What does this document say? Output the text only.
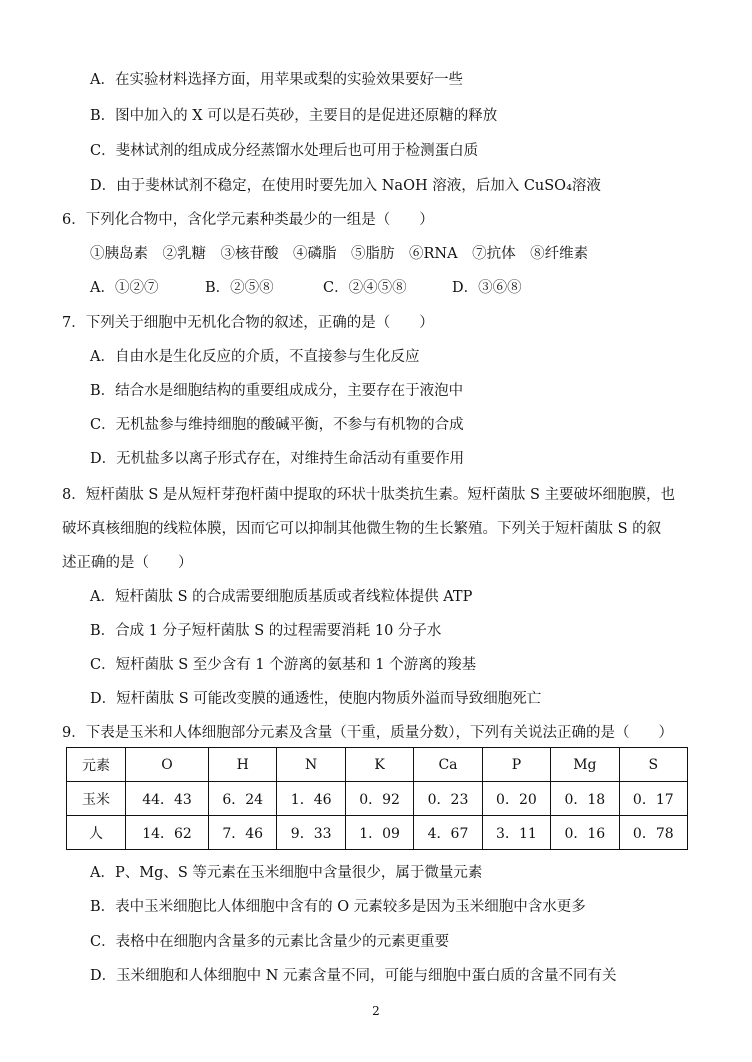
A．在实验材料选择方面，用苹果或梨的实验效果要好一些
B．图中加入的 X 可以是石英砂，主要目的是促进还原糖的释放
C．斐林试剂的组成成分经蒸馏水处理后也可用于检测蛋白质
D．由于斐林试剂不稳定，在使用时要先加入 NaOH 溶液，后加入 CuSO₄溶液
6．下列化合物中，含化学元素种类最少的一组是（　　）
①胰岛素　②乳糖　③核苷酸　④磷脂　⑤脂肪　⑥RNA　⑦抗体　⑧纤维素
A．①②⑦	B．②⑤⑧	C．②④⑤⑧	D．③⑥⑧
7．下列关于细胞中无机化合物的叙述，正确的是（　　）
A．自由水是生化反应的介质，不直接参与生化反应
B．结合水是细胞结构的重要组成成分，主要存在于液泡中
C．无机盐参与维持细胞的酸碱平衡，不参与有机物的合成
D．无机盐多以离子形式存在，对维持生命活动有重要作用
8．短杆菌肽 S 是从短杆芽孢杆菌中提取的环状十肽类抗生素。短杆菌肽 S 主要破坏细胞膜，也
破坏真核细胞的线粒体膜，因而它可以抑制其他微生物的生长繁殖。下列关于短杆菌肽 S 的叙
述正确的是（　　）
A．短杆菌肽 S 的合成需要细胞质基质或者线粒体提供 ATP
B．合成 1 分子短杆菌肽 S 的过程需要消耗 10 分子水
C．短杆菌肽 S 至少含有 1 个游离的氨基和 1 个游离的羧基
D．短杆菌肽 S 可能改变膜的通透性，使胞内物质外溢而导致细胞死亡
9．下表是玉米和人体细胞部分元素及含量（干重，质量分数），下列有关说法正确的是（　　）
元素	O	H	N	K	Ca	P	Mg	S
玉米	44．43	6．24	1．46	0．92	0．23	0．20	0．18	0．17
人	14．62	7．46	9．33	1．09	4．67	3．11	0．16	0．78
A．P、Mg、S 等元素在玉米细胞中含量很少，属于微量元素
B．表中玉米细胞比人体细胞中含有的 O 元素较多是因为玉米细胞中含水更多
C．表格中在细胞内含量多的元素比含量少的元素更重要
D．玉米细胞和人体细胞中 N 元素含量不同，可能与细胞中蛋白质的含量不同有关
2
